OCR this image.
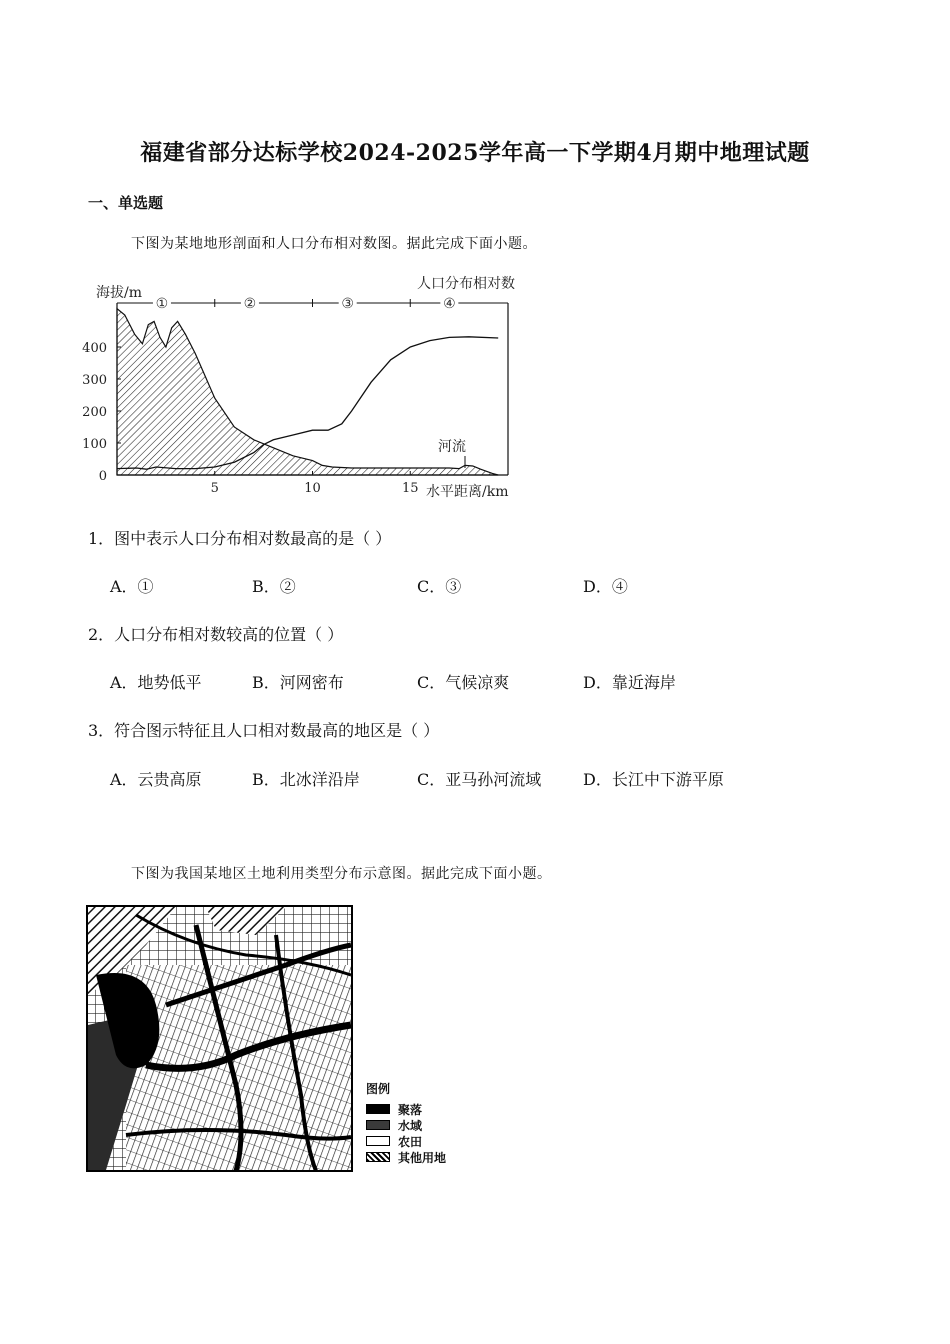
福建省部分达标学校2024-2025学年高一下学期4月期中地理试题
一、单选题
下图为某地地形剖面和人口分布相对数图。据此完成下面小题。
①	②	③	④
400
300
200
100
0
5	10	15
海拔/m
水平距离/km
人口分布相对数
河流
1．图中表示人口分布相对数最高的是（ ）
A．①	B．②	C．③	D．④
2．人口分布相对数较高的位置（ ）
A．地势低平	B．河网密布	C．气候凉爽	D．靠近海岸
3．符合图示特征且人口相对数最高的地区是（ ）
A．云贵高原	B．北冰洋沿岸	C．亚马孙河流域	D．长江中下游平原
下图为我国某地区土地利用类型分布示意图。据此完成下面小题。
图例
聚落
水域
农田
其他用地
